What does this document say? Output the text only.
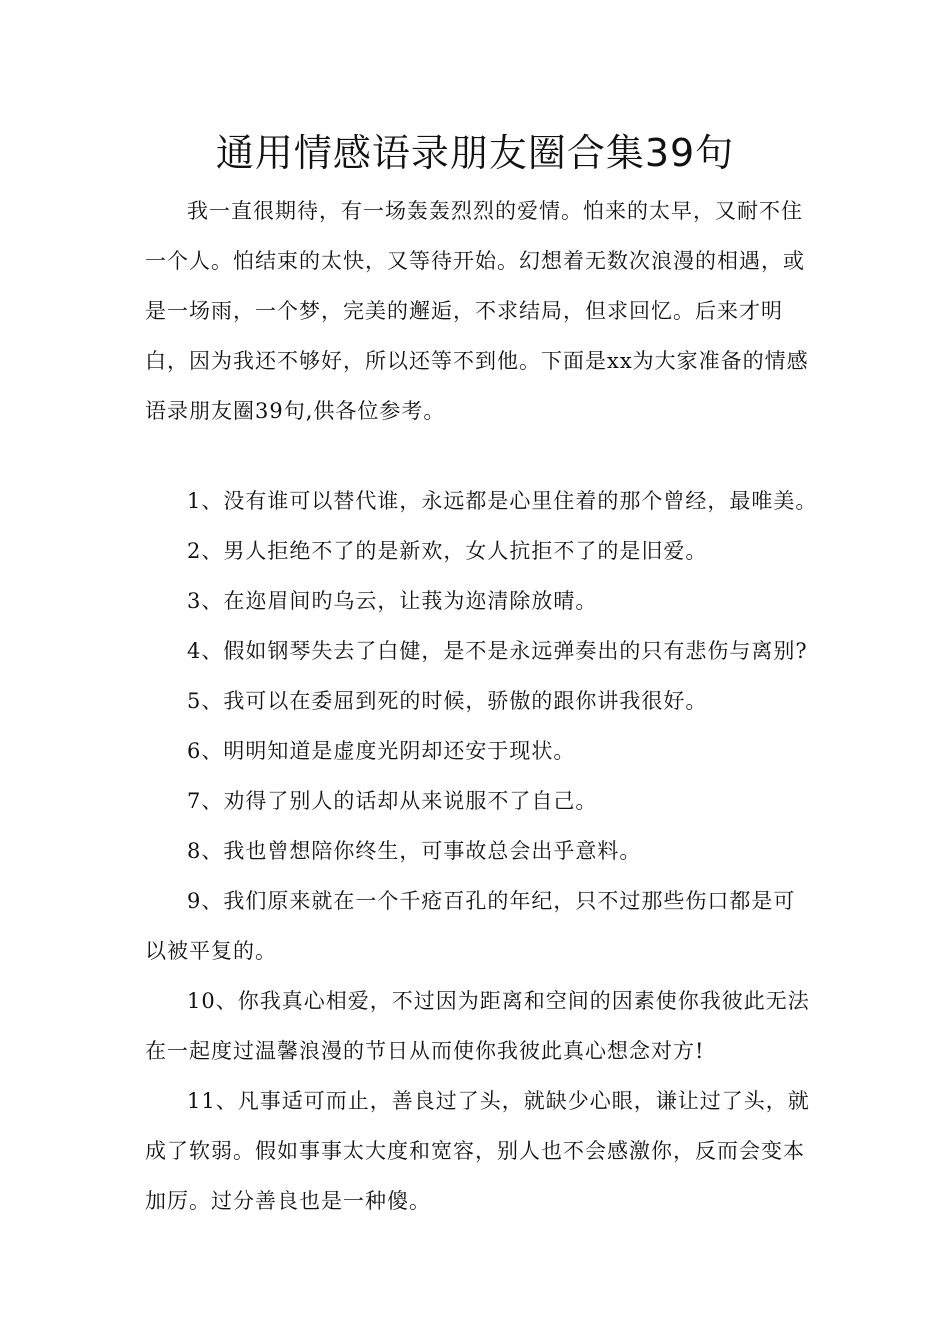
通用情感语录朋友圈合集39句
我一直很期待，有一场轰轰烈烈的爱情。怕来的太早，又耐不住一个人。怕结束的太快，又等待开始。幻想着无数次浪漫的相遇，或是一场雨，一个梦，完美的邂逅，不求结局，但求回忆。后来才明白，因为我还不够好，所以还等不到他。下面是xx为大家准备的情感语录朋友圈39句,供各位参考。
1、没有谁可以替代谁，永远都是心里住着的那个曾经，最唯美。
2、男人拒绝不了的是新欢，女人抗拒不了的是旧爱。
3、在迩眉间旳乌云，让莪为迩清除放晴。
4、假如钢琴失去了白健，是不是永远弹奏出的只有悲伤与离别?
5、我可以在委屈到死的时候，骄傲的跟你讲我很好。
6、明明知道是虚度光阴却还安于现状。
7、劝得了别人的话却从来说服不了自己。
8、我也曾想陪你终生，可事故总会出乎意料。
9、我们原来就在一个千疮百孔的年纪，只不过那些伤口都是可以被平复的。
10、你我真心相爱，不过因为距离和空间的因素使你我彼此无法在一起度过温馨浪漫的节日从而使你我彼此真心想念对方!
11、凡事适可而止，善良过了头，就缺少心眼，谦让过了头，就成了软弱。假如事事太大度和宽容，别人也不会感激你，反而会变本加厉。过分善良也是一种傻。
